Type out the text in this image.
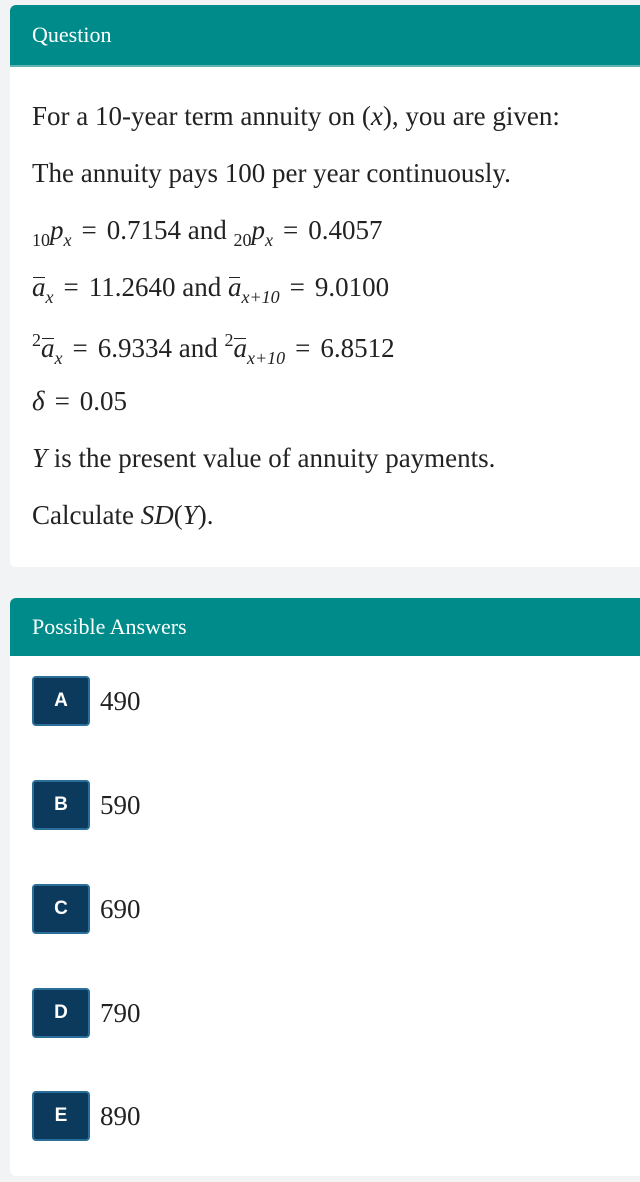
Question
For a 10-year term annuity on (x), you are given:
The annuity pays 100 per year continuously.
$_{10}p_x = 0.7154$ and $_{20}p_x = 0.4057$
$a_x = 11.2640$ and $a_{x+10} = 9.0100$
$^2a_x = 6.9334$ and $^2a_{x+10} = 6.8512$
δ = 0.05
Y is the present value of annuity payments.
Calculate SD(Y).
Possible Answers
A	490
B	590
C	690
D	790
E	890
